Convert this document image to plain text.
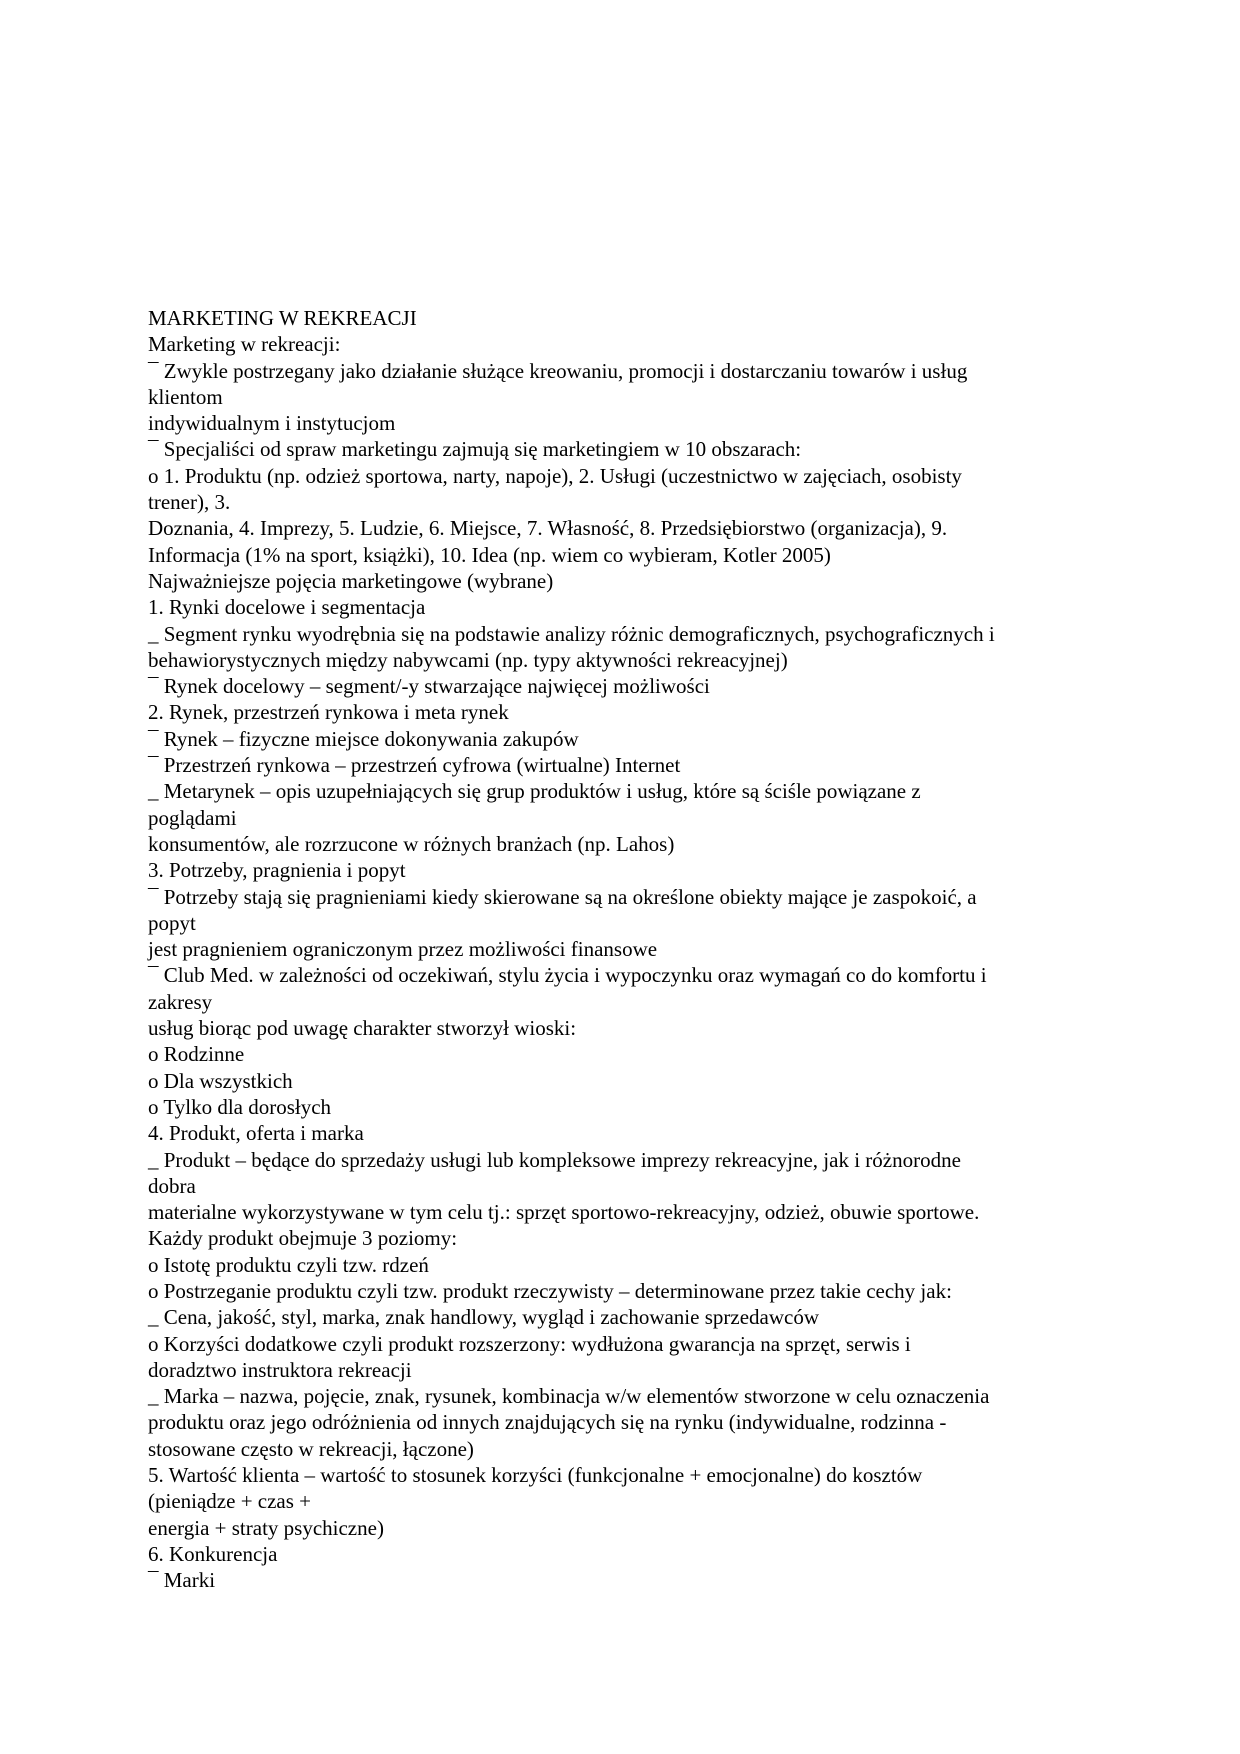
MARKETING W REKREACJI
Marketing w rekreacji:
¯ Zwykle postrzegany jako działanie służące kreowaniu, promocji i dostarczaniu towarów i usług
klientom
indywidualnym i instytucjom
¯ Specjaliści od spraw marketingu zajmują się marketingiem w 10 obszarach:
o 1. Produktu (np. odzież sportowa, narty, napoje), 2. Usługi (uczestnictwo w zajęciach, osobisty
trener), 3.
Doznania, 4. Imprezy, 5. Ludzie, 6. Miejsce, 7. Własność, 8. Przedsiębiorstwo (organizacja), 9.
Informacja (1% na sport, książki), 10. Idea (np. wiem co wybieram, Kotler 2005)
Najważniejsze pojęcia marketingowe (wybrane)
1. Rynki docelowe i segmentacja
_ Segment rynku wyodrębnia się na podstawie analizy różnic demograficznych, psychograficznych i
behawiorystycznych między nabywcami (np. typy aktywności rekreacyjnej)
¯ Rynek docelowy – segment/-y stwarzające najwięcej możliwości
2. Rynek, przestrzeń rynkowa i meta rynek
¯ Rynek – fizyczne miejsce dokonywania zakupów
¯ Przestrzeń rynkowa – przestrzeń cyfrowa (wirtualne) Internet
_ Metarynek – opis uzupełniających się grup produktów i usług, które są ściśle powiązane z
poglądami
konsumentów, ale rozrzucone w różnych branżach (np. Lahos)
3. Potrzeby, pragnienia i popyt
¯ Potrzeby stają się pragnieniami kiedy skierowane są na określone obiekty mające je zaspokoić, a
popyt
jest pragnieniem ograniczonym przez możliwości finansowe
¯ Club Med. w zależności od oczekiwań, stylu życia i wypoczynku oraz wymagań co do komfortu i
zakresy
usług biorąc pod uwagę charakter stworzył wioski:
o Rodzinne
o Dla wszystkich
o Tylko dla dorosłych
4. Produkt, oferta i marka
_ Produkt – będące do sprzedaży usługi lub kompleksowe imprezy rekreacyjne, jak i różnorodne
dobra
materialne wykorzystywane w tym celu tj.: sprzęt sportowo-rekreacyjny, odzież, obuwie sportowe.
Każdy produkt obejmuje 3 poziomy:
o Istotę produktu czyli tzw. rdzeń
o Postrzeganie produktu czyli tzw. produkt rzeczywisty – determinowane przez takie cechy jak:
_ Cena, jakość, styl, marka, znak handlowy, wygląd i zachowanie sprzedawców
o Korzyści dodatkowe czyli produkt rozszerzony: wydłużona gwarancja na sprzęt, serwis i
doradztwo instruktora rekreacji
_ Marka – nazwa, pojęcie, znak, rysunek, kombinacja w/w elementów stworzone w celu oznaczenia
produktu oraz jego odróżnienia od innych znajdujących się na rynku (indywidualne, rodzinna -
stosowane często w rekreacji, łączone)
5. Wartość klienta – wartość to stosunek korzyści (funkcjonalne + emocjonalne) do kosztów
(pieniądze + czas +
energia + straty psychiczne)
6. Konkurencja
¯ Marki
